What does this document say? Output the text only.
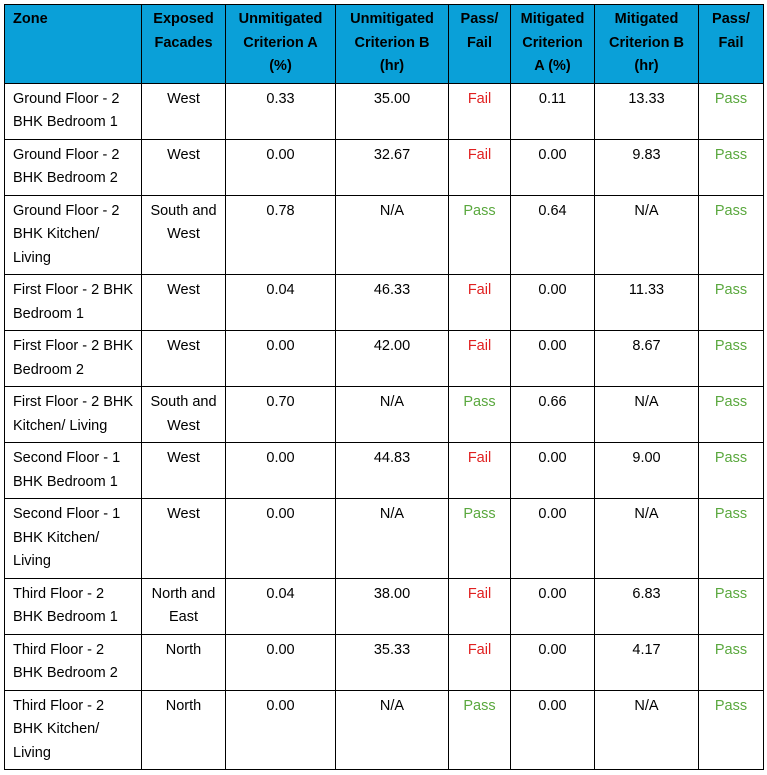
Zone	Exposed Facades	Unmitigated Criterion A (%)	Unmitigated Criterion B (hr)	Pass/ Fail	Mitigated Criterion A (%)	Mitigated Criterion B (hr)	Pass/ Fail
Ground Floor - 2 BHK Bedroom 1	West	0.33	35.00	Fail	0.11	13.33	Pass
Ground Floor - 2 BHK Bedroom 2	West	0.00	32.67	Fail	0.00	9.83	Pass
Ground Floor - 2 BHK Kitchen/ Living	South and West	0.78	N/A	Pass	0.64	N/A	Pass
First Floor - 2 BHK Bedroom 1	West	0.04	46.33	Fail	0.00	11.33	Pass
First Floor - 2 BHK Bedroom 2	West	0.00	42.00	Fail	0.00	8.67	Pass
First Floor - 2 BHK Kitchen/ Living	South and West	0.70	N/A	Pass	0.66	N/A	Pass
Second Floor - 1 BHK Bedroom 1	West	0.00	44.83	Fail	0.00	9.00	Pass
Second Floor - 1 BHK Kitchen/ Living	West	0.00	N/A	Pass	0.00	N/A	Pass
Third Floor - 2 BHK Bedroom 1	North and East	0.04	38.00	Fail	0.00	6.83	Pass
Third Floor - 2 BHK Bedroom 2	North	0.00	35.33	Fail	0.00	4.17	Pass
Third Floor - 2 BHK Kitchen/ Living	North	0.00	N/A	Pass	0.00	N/A	Pass
